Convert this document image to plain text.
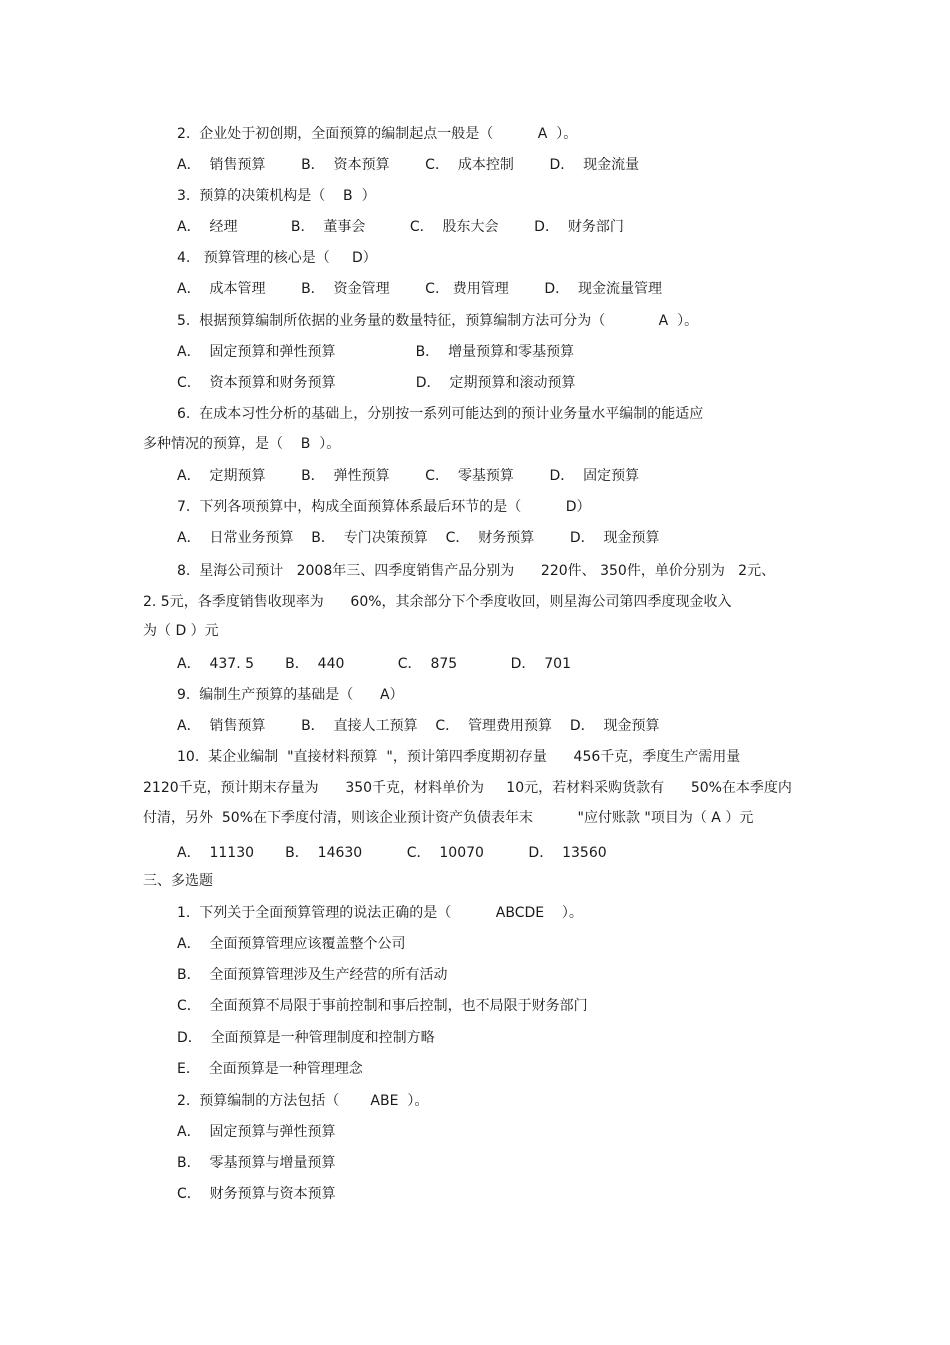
2.  企业处于初创期，全面预算的编制起点一般是（          A  ）。
A．  销售预算        B．  资本预算        C．  成本控制        D．  现金流量
3.  预算的决策机构是（    B  ）
A．  经理            B．  董事会          C．  股东大会        D．  财务部门
4.   预算管理的核心是（     D）
A．  成本管理        B．  资金管理        C.   费用管理        D．  现金流量管理
5.  根据预算编制所依据的业务量的数量特征，预算编制方法可分为（            A  ）。
A．  固定预算和弹性预算                  B．  增量预算和零基预算
C．  资本预算和财务预算                  D．  定期预算和滚动预算
6.  在成本习性分析的基础上，分别按一系列可能达到的预计业务量水平编制的能适应
多种情况的预算，是（    B  ）。
A．  定期预算        B．  弹性预算        C．  零基预算        D．  固定预算
7.  下列各项预算中，构成全面预算体系最后环节的是（          D）
A．  日常业务预算    B．  专门决策预算    C．  财务预算        D．  现金预算
8.  星海公司预计   2008年三、四季度销售产品分别为      220件、 350件，单价分别为   2元、
2. 5元，各季度销售收现率为      60%，其余部分下个季度收回，则星海公司第四季度现金收入
为（ D ）元
A．  437. 5       B．  440            C．  875            D．  701
9.  编制生产预算的基础是（      A）
A．  销售预算        B．  直接人工预算    C．  管理费用预算    D．  现金预算
10.  某企业编制  "直接材料预算  "，预计第四季度期初存量      456千克，季度生产需用量
2120千克，预计期末存量为      350千克，材料单价为     10元，若材料采购货款有      50%在本季度内
付清，另外  50%在下季度付清，则该企业预计资产负债表年末          "应付账款 "项目为（ A ）元
A．  11130       B．  14630          C．  10070          D．  13560
三、多选题
1.  下列关于全面预算管理的说法正确的是（          ABCDE    ）。
A．  全面预算管理应该覆盖整个公司
B．  全面预算管理涉及生产经营的所有活动
C．  全面预算不局限于事前控制和事后控制，也不局限于财务部门
D．  全面预算是一种管理制度和控制方略
E．  全面预算是一种管理理念
2.  预算编制的方法包括（       ABE  ）。
A．  固定预算与弹性预算
B．  零基预算与增量预算
C．  财务预算与资本预算
